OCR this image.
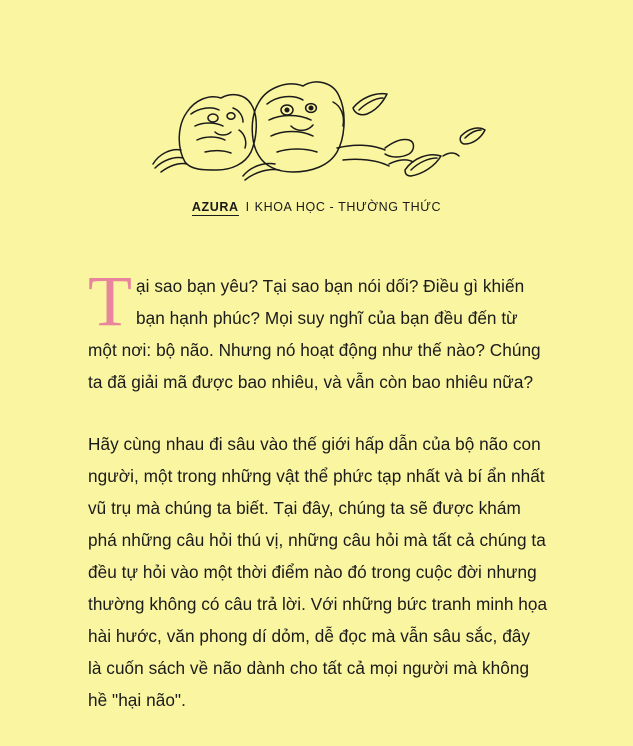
AZURA I KHOA HỌC - THƯỜNG THỨC

Tại sao bạn yêu? Tại sao bạn nói dối? Điều gì khiến bạn hạnh phúc? Mọi suy nghĩ của bạn đều đến từ một nơi: bộ não. Nhưng nó hoạt động như thế nào? Chúng ta đã giải mã được bao nhiêu, và vẫn còn bao nhiêu nữa?

Hãy cùng nhau đi sâu vào thế giới hấp dẫn của bộ não con người, một trong những vật thể phức tạp nhất và bí ẩn nhất vũ trụ mà chúng ta biết. Tại đây, chúng ta sẽ được khám phá những câu hỏi thú vị, những câu hỏi mà tất cả chúng ta đều tự hỏi vào một thời điểm nào đó trong cuộc đời nhưng thường không có câu trả lời. Với những bức tranh minh họa hài hước, văn phong dí dỏm, dễ đọc mà vẫn sâu sắc, đây là cuốn sách về não dành cho tất cả mọi người mà không hề "hại não".
